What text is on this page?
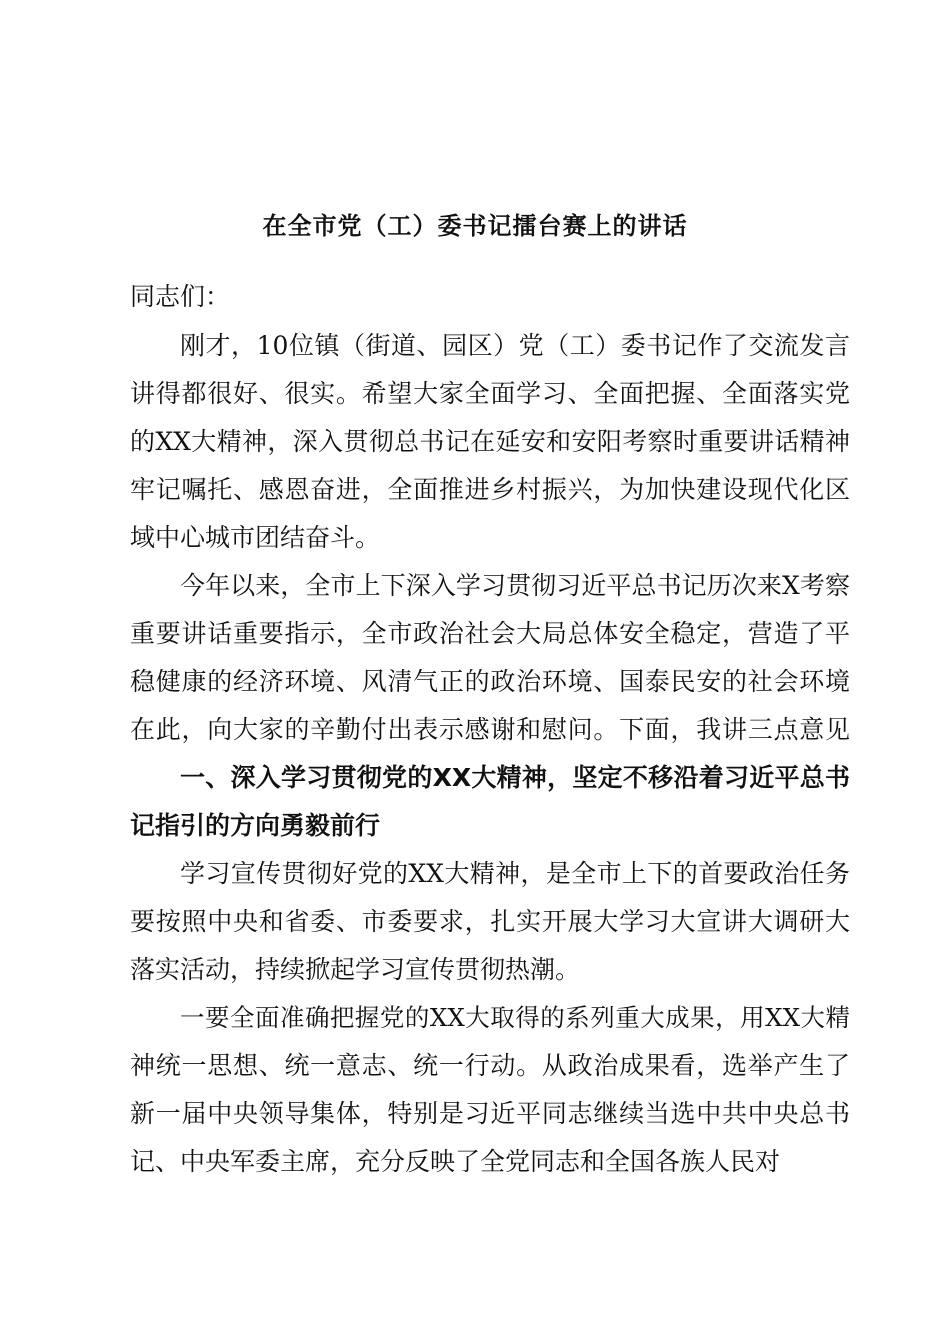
在全市党（工）委书记擂台赛上的讲话
同志们：
刚才，10位镇（街道、园区）党（工）委书记作了交流发言
讲得都很好、很实。希望大家全面学习、全面把握、全面落实党
的XX大精神，深入贯彻总书记在延安和安阳考察时重要讲话精神
牢记嘱托、感恩奋进，全面推进乡村振兴，为加快建设现代化区
域中心城市团结奋斗。
今年以来，全市上下深入学习贯彻习近平总书记历次来X考察
重要讲话重要指示，全市政治社会大局总体安全稳定，营造了平
稳健康的经济环境、风清气正的政治环境、国泰民安的社会环境
在此，向大家的辛勤付出表示感谢和慰问。下面，我讲三点意见
一、深入学习贯彻党的XX大精神，坚定不移沿着习近平总书
记指引的方向勇毅前行
学习宣传贯彻好党的XX大精神，是全市上下的首要政治任务
要按照中央和省委、市委要求，扎实开展大学习大宣讲大调研大
落实活动，持续掀起学习宣传贯彻热潮。
一要全面准确把握党的XX大取得的系列重大成果，用XX大精
神统一思想、统一意志、统一行动。从政治成果看，选举产生了
新一届中央领导集体，特别是习近平同志继续当选中共中央总书
记、中央军委主席，充分反映了全党同志和全国各族人民对
